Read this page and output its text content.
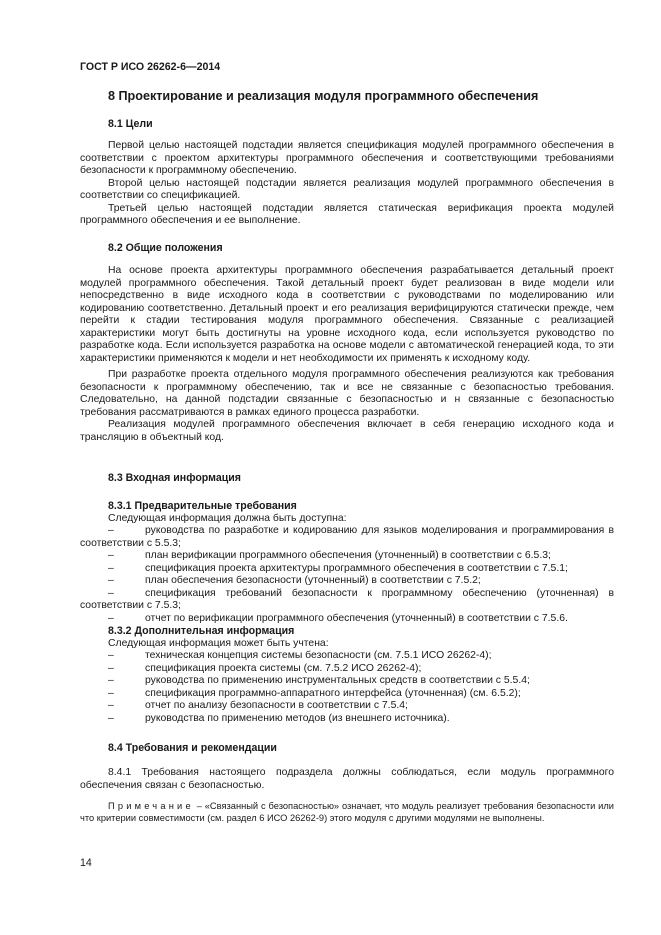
ГОСТ Р ИСО 26262-6—2014
8 Проектирование и реализация модуля программного обеспечения
8.1 Цели

Первой целью настоящей подстадии является спецификация модулей программного обеспечения в соответствии с проектом архитектуры программного обеспечения и соответствующими требованиями безопасности к программному обеспечению.

Второй целью настоящей подстадии является реализация модулей программного обеспечения в соответствии со спецификацией.

Третьей целью настоящей подстадии является статическая верификация проекта модулей программного обеспечения и ее выполнение.

8.2 Общие положения

На основе проекта архитектуры программного обеспечения разрабатывается детальный проект модулей программного обеспечения. Такой детальный проект будет реализован в виде модели или непосредственно в виде исходного кода в соответствии с руководствами по моделированию или кодированию соответственно. Детальный проект и его реализация верифицируются статически прежде, чем перейти к стадии тестирования модуля программного обеспечения. Связанные с реализацией характеристики могут быть достигнуты на уровне исходного кода, если используется руководство по разработке кода. Если используется разработка на основе модели с автоматической генерацией кода, то эти характеристики применяются к модели и нет необходимости их применять к исходному коду.

При разработке проекта отдельного модуля программного обеспечения реализуются как требования безопасности к программному обеспечению, так и все не связанные с безопасностью требования. Следовательно, на данной подстадии связанные с безопасностью и н связанные с безопасностью требования рассматриваются в рамках единого процесса разработки.

Реализация модулей программного обеспечения включает в себя генерацию исходного кода и трансляцию в объектный код.

8.3 Входная информация
8.3.1 Предварительные требования

Следующая информация должна быть доступна:

–	руководства по разработке и кодированию для языков моделирования и программирования в соответствии с 5.5.3;

–	план верификации программного обеспечения (уточненный) в соответствии с 6.5.3;

–	спецификация проекта архитектуры программного обеспечения в соответствии с 7.5.1;

–	план обеспечения безопасности (уточненный) в соответствии с 7.5.2;

–	спецификация требований безопасности к программному обеспечению (уточненная) в соответствии с 7.5.3;

–	отчет по верификации программного обеспечения (уточненный) в соответствии с 7.5.6.

8.3.2 Дополнительная информация

Следующая информация может быть учтена:

–	техническая концепция системы безопасности (см. 7.5.1 ИСО 26262-4);

–	спецификация проекта системы (см. 7.5.2 ИСО 26262-4);

–	руководства по применению инструментальных средств в соответствии с 5.5.4;

–	спецификация программно-аппаратного интерфейса (уточненная) (см. 6.5.2);

–	отчет по анализу безопасности в соответствии с 7.5.4;

–	руководства по применению методов (из внешнего источника).

8.4 Требования и рекомендации

8.4.1 Требования настоящего подраздела должны соблюдаться, если модуль программного обеспечения связан с безопасностью.

Примечание – «Связанный с безопасностью» означает, что модуль реализует требования безопасности или что критерии совместимости (см. раздел 6 ИСО 26262-9) этого модуля с другими модулями не выполнены.

14
